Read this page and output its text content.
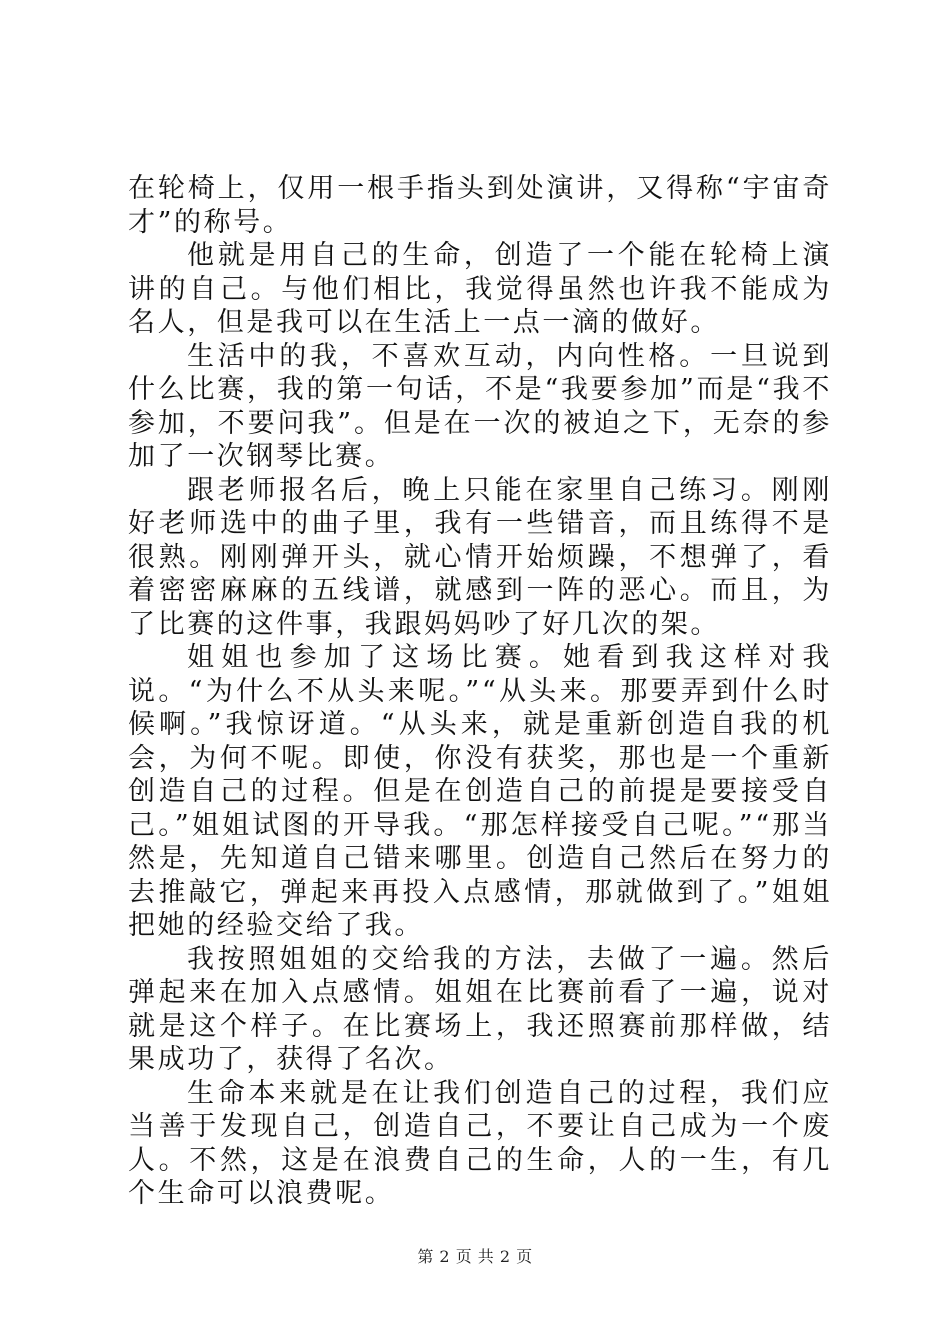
在轮椅上，仅用一根手指头到处演讲，又得称“宇宙奇才”的称号。

他就是用自己的生命，创造了一个能在轮椅上演讲的自己。与他们相比，我觉得虽然也许我不能成为名人，但是我可以在生活上一点一滴的做好。

生活中的我，不喜欢互动，内向性格。一旦说到什么比赛，我的第一句话，不是“我要参加”而是“我不参加，不要问我”。但是在一次的被迫之下，无奈的参加了一次钢琴比赛。

跟老师报名后，晚上只能在家里自己练习。刚刚好老师选中的曲子里，我有一些错音，而且练得不是很熟。刚刚弹开头，就心情开始烦躁，不想弹了，看着密密麻麻的五线谱，就感到一阵的恶心。而且，为了比赛的这件事，我跟妈妈吵了好几次的架。

姐姐也参加了这场比赛。她看到我这样对我说。“为什么不从头来呢。”“从头来。那要弄到什么时候啊。”我惊讶道。“从头来，就是重新创造自我的机会，为何不呢。即使，你没有获奖，那也是一个重新创造自己的过程。但是在创造自己的前提是要接受自己。”姐姐试图的开导我。“那怎样接受自己呢。”“那当然是，先知道自己错来哪里。创造自己然后在努力的去推敲它，弹起来再投入点感情，那就做到了。”姐姐把她的经验交给了我。

我按照姐姐的交给我的方法，去做了一遍。然后弹起来在加入点感情。姐姐在比赛前看了一遍，说对就是这个样子。在比赛场上，我还照赛前那样做，结果成功了，获得了名次。

生命本来就是在让我们创造自己的过程，我们应当善于发现自己，创造自己，不要让自己成为一个废人。不然，这是在浪费自己的生命，人的一生，有几个生命可以浪费呢。

第 2 页 共 2 页
